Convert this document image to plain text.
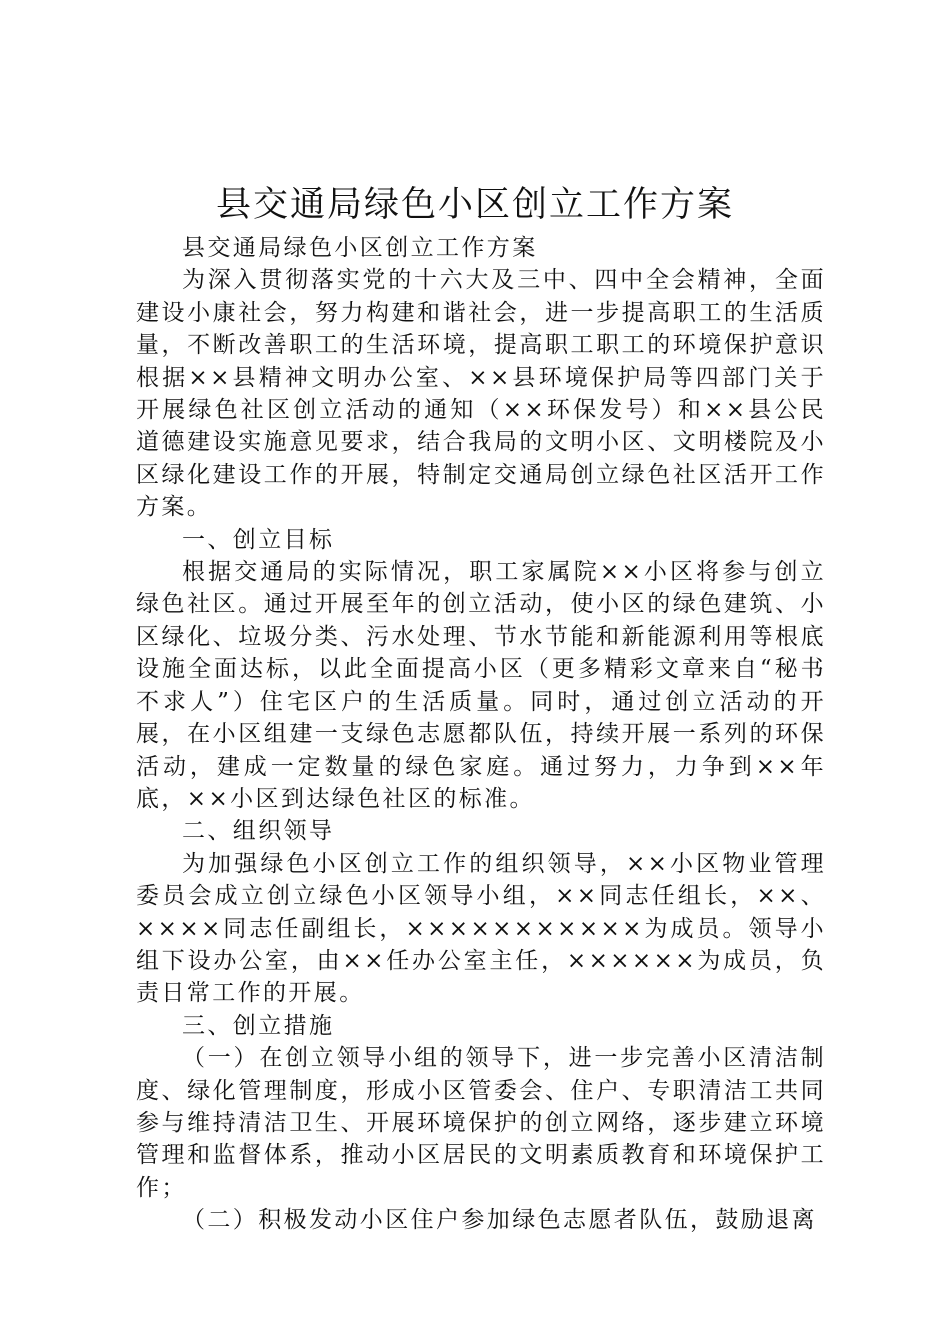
县交通局绿色小区创立工作方案

县交通局绿色小区创立工作方案

为深入贯彻落实党的十六大及三中、四中全会精神，全面建设小康社会，努力构建和谐社会，进一步提高职工的生活质量，不断改善职工的生活环境，提高职工职工的环境保护意识根据××县精神文明办公室、××县环境保护局等四部门关于开展绿色社区创立活动的通知（××环保发号）和××县公民道德建设实施意见要求，结合我局的文明小区、文明楼院及小区绿化建设工作的开展，特制定交通局创立绿色社区活开工作方案。

一、创立目标

根据交通局的实际情况，职工家属院××小区将参与创立绿色社区。通过开展至年的创立活动，使小区的绿色建筑、小区绿化、垃圾分类、污水处理、节水节能和新能源利用等根底设施全面达标，以此全面提高小区（更多精彩文章来自“秘书不求人”）住宅区户的生活质量。同时，通过创立活动的开展，在小区组建一支绿色志愿都队伍，持续开展一系列的环保活动，建成一定数量的绿色家庭。通过努力，力争到××年底，××小区到达绿色社区的标准。

二、组织领导

为加强绿色小区创立工作的组织领导，××小区物业管理委员会成立创立绿色小区领导小组，××同志任组长，××、××××同志任副组长，×××××××××××为成员。领导小组下设办公室，由××任办公室主任，××××××为成员，负责日常工作的开展。

三、创立措施

（一）在创立领导小组的领导下，进一步完善小区清洁制度、绿化管理制度，形成小区管委会、住户、专职清洁工共同参与维持清洁卫生、开展环境保护的创立网络，逐步建立环境管理和监督体系，推动小区居民的文明素质教育和环境保护工作；

（二）积极发动小区住户参加绿色志愿者队伍，鼓励退离
